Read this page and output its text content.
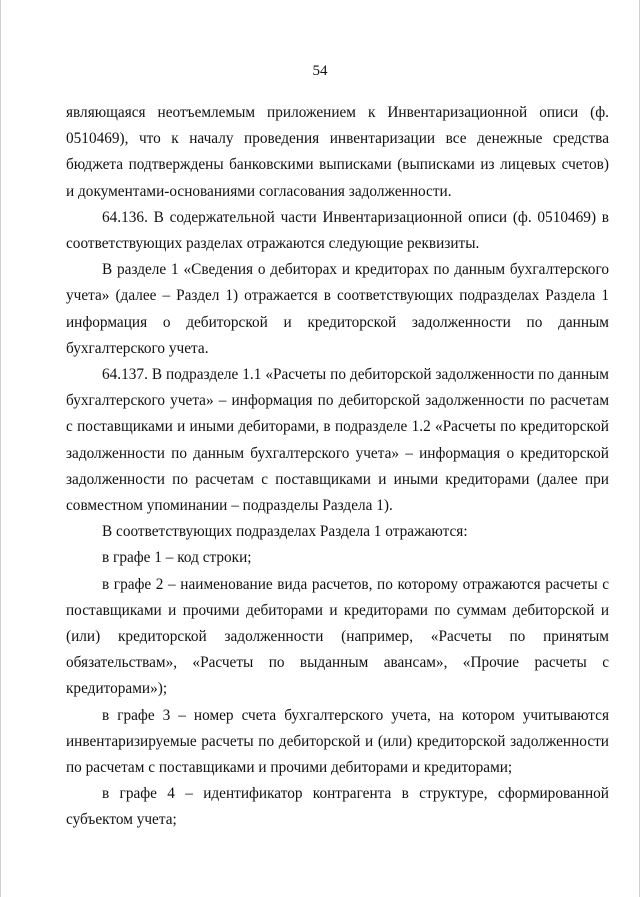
54

являющаяся неотъемлемым приложением к Инвентаризационной описи (ф. 0510469), что к началу проведения инвентаризации все денежные средства бюджета подтверждены банковскими выписками (выписками из лицевых счетов) и документами-основаниями согласования задолженности.

64.136. В содержательной части Инвентаризационной описи (ф. 0510469) в соответствующих разделах отражаются следующие реквизиты.

В разделе 1 «Сведения о дебиторах и кредиторах по данным бухгалтерского учета» (далее – Раздел 1) отражается в соответствующих подразделах Раздела 1 информация о дебиторской и кредиторской задолженности по данным бухгалтерского учета.

64.137. В подразделе 1.1 «Расчеты по дебиторской задолженности по данным бухгалтерского учета» – информация по дебиторской задолженности по расчетам с поставщиками и иными дебиторами, в подразделе 1.2 «Расчеты по кредиторской задолженности по данным бухгалтерского учета» – информация о кредиторской задолженности по расчетам с поставщиками и иными кредиторами (далее при совместном упоминании – подразделы Раздела 1).

В соответствующих подразделах Раздела 1 отражаются:

в графе 1 – код строки;

в графе 2 – наименование вида расчетов, по которому отражаются расчеты с поставщиками и прочими дебиторами и кредиторами по суммам дебиторской и (или) кредиторской задолженности (например, «Расчеты по принятым обязательствам», «Расчеты по выданным авансам», «Прочие расчеты с кредиторами»);

в графе 3 – номер счета бухгалтерского учета, на котором учитываются инвентаризируемые расчеты по дебиторской и (или) кредиторской задолженности по расчетам с поставщиками и прочими дебиторами и кредиторами;

в графе 4 – идентификатор контрагента в структуре, сформированной субъектом учета;
